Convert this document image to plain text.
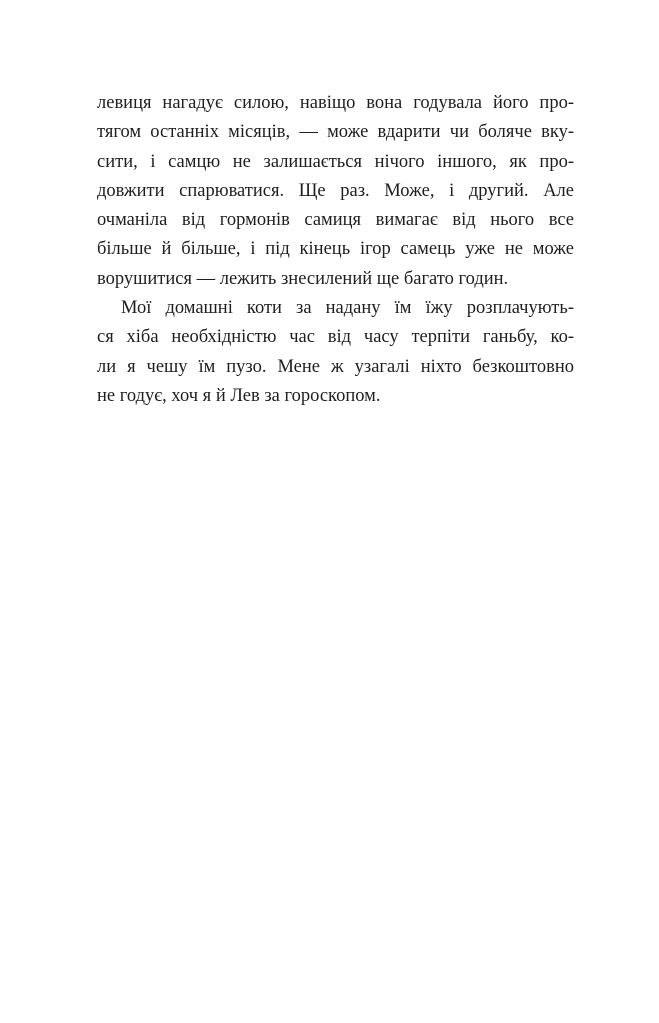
левиця нагадує силою, навіщо вона годувала його про-
тягом останніх місяців, — може вдарити чи боляче вку-
сити, і самцю не залишається нічого іншого, як про-
довжити спарюватися. Ще раз. Може, і другий. Але
очманіла від гормонів самиця вимагає від нього все
більше й більше, і під кінець ігор самець уже не може
ворушитися — лежить знесилений ще багато годин.
Мої домашні коти за надану їм їжу розплачують-
ся хіба необхідністю час від часу терпіти ганьбу, ко-
ли я чешу їм пузо. Мене ж узагалі ніхто безкоштовно
не годує, хоч я й Лев за гороскопом.
